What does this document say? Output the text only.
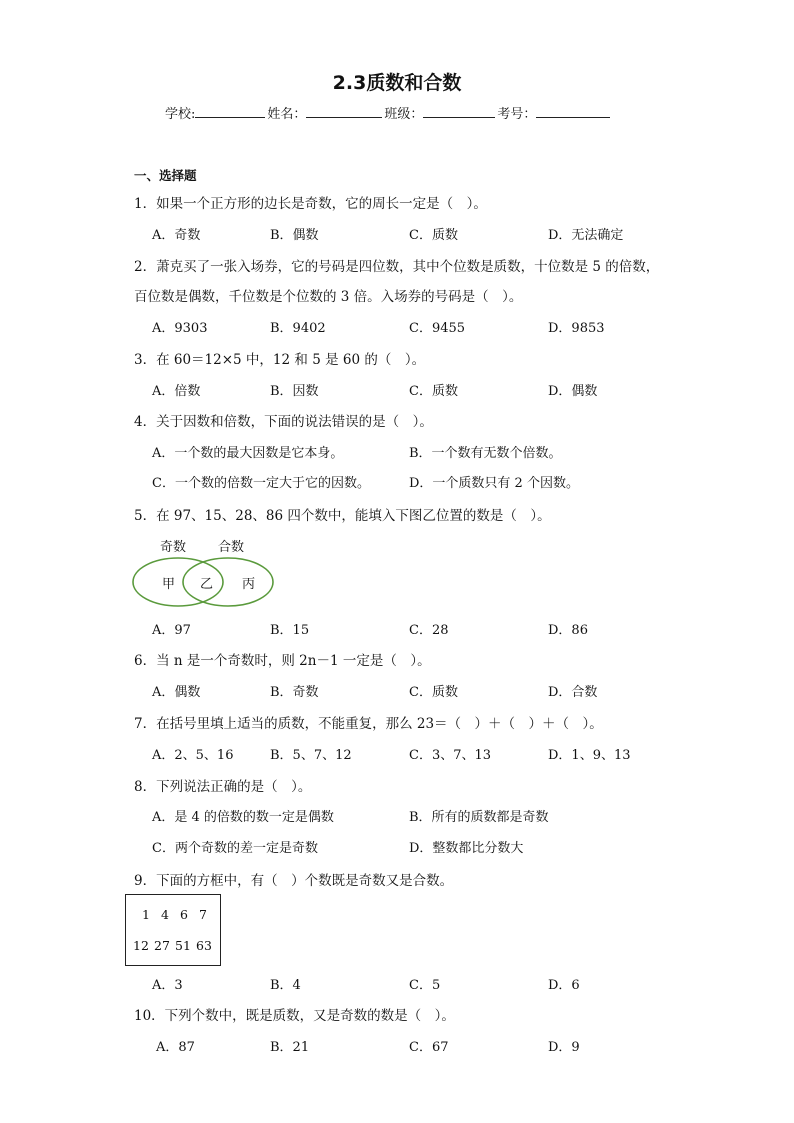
2.3质数和合数
学校:	姓名：	班级：	考号：
一、选择题
1．如果一个正方形的边长是奇数，它的周长一定是（　）。
A．奇数	B．偶数	C．质数	D．无法确定
2．萧克买了一张入场券，它的号码是四位数，其中个位数是质数，十位数是 5 的倍数，
百位数是偶数，千位数是个位数的 3 倍。入场券的号码是（　）。
A．9303	B．9402	C．9455	D．9853
3．在 60＝12×5 中，12 和 5 是 60 的（　）。
A．倍数	B．因数	C．质数	D．偶数
4．关于因数和倍数，下面的说法错误的是（　）。
A．一个数的最大因数是它本身。	B．一个数有无数个倍数。
C．一个数的倍数一定大于它的因数。	D．一个质数只有 2 个因数。
5．在 97、15、28、86 四个数中，能填入下图乙位置的数是（　）。
奇数 合数
甲 乙 丙
A．97	B．15	C．28	D．86
6．当 n 是一个奇数时，则 2n－1 一定是（　）。
A．偶数	B．奇数	C．质数	D．合数
7．在括号里填上适当的质数，不能重复，那么 23＝（　）＋（　）＋（　）。
A．2、5、16	B．5、7、12	C．3、7、13	D．1、9、13
8．下列说法正确的是（　）。
A．是 4 的倍数的数一定是偶数	B．所有的质数都是奇数
C．两个奇数的差一定是奇数	D．整数都比分数大
9．下面的方框中，有（　）个数既是奇数又是合数。
1 4 6 7
12 27 51 63
A．3	B．4	C．5	D．6
10．下列个数中，既是质数，又是奇数的数是（　）。
A．87	B．21	C．67	D．9
